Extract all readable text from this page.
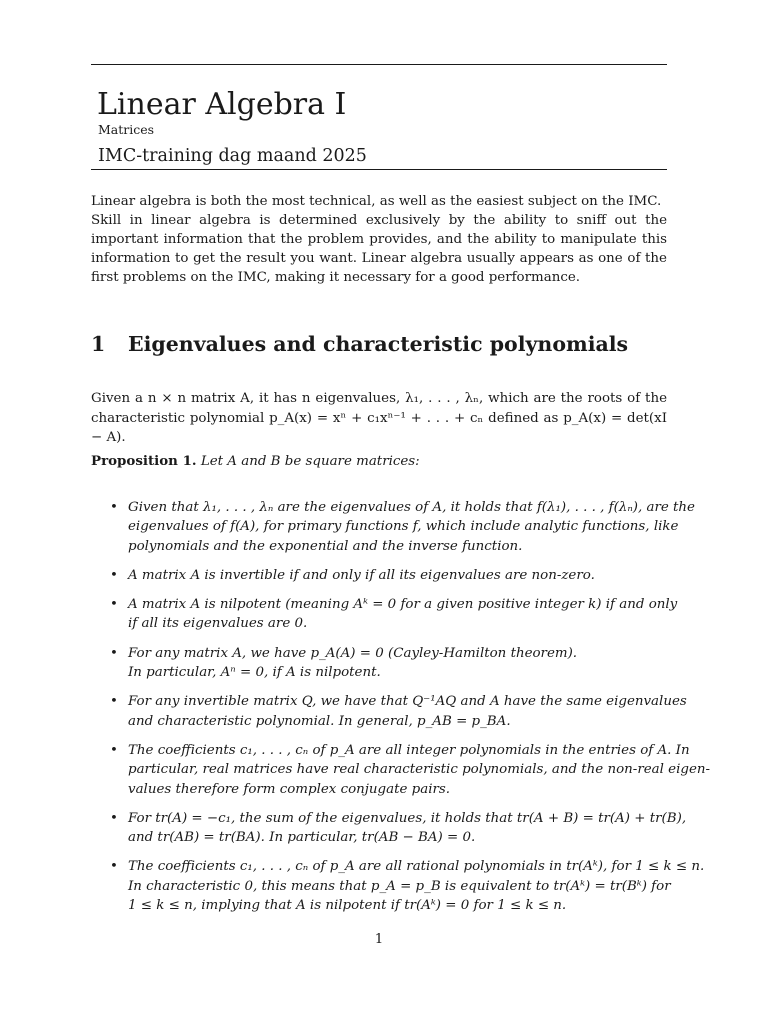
Linear Algebra I
Matrices
IMC-training dag maand 2025

Linear algebra is both the most technical, as well as the easiest subject on the IMC.

Skill in linear algebra is determined exclusively by the ability to sniff out the important information that the problem provides, and the ability to manipulate this information to get the result you want. Linear algebra usually appears as one of the first problems on the IMC, making it necessary for a good performance.

1 Eigenvalues and characteristic polynomials

Given a n × n matrix A, it has n eigenvalues, λ₁, . . . , λₙ, which are the roots of the characteristic polynomial p_A(x) = xⁿ + c₁xⁿ⁻¹ + . . . + cₙ defined as p_A(x) = det(xI − A).

Proposition 1. Let A and B be square matrices:

• Given that λ₁, . . . , λₙ are the eigenvalues of A, it holds that f(λ₁), . . . , f(λₙ), are the
eigenvalues of f(A), for primary functions f, which include analytic functions, like
polynomials and the exponential and the inverse function.
• A matrix A is invertible if and only if all its eigenvalues are non-zero.
• A matrix A is nilpotent (meaning Aᵏ = 0 for a given positive integer k) if and only
if all its eigenvalues are 0.
• For any matrix A, we have p_A(A) = 0 (Cayley-Hamilton theorem).
In particular, Aⁿ = 0, if A is nilpotent.
• For any invertible matrix Q, we have that Q⁻¹AQ and A have the same eigenvalues
and characteristic polynomial. In general, p_AB = p_BA.
• The coefficients c₁, . . . , cₙ of p_A are all integer polynomials in the entries of A. In
particular, real matrices have real characteristic polynomials, and the non-real eigen-
values therefore form complex conjugate pairs.
• For tr(A) = −c₁, the sum of the eigenvalues, it holds that tr(A + B) = tr(A) + tr(B),
and tr(AB) = tr(BA). In particular, tr(AB − BA) = 0.
• The coefficients c₁, . . . , cₙ of p_A are all rational polynomials in tr(Aᵏ), for 1 ≤ k ≤ n.
In characteristic 0, this means that p_A = p_B is equivalent to tr(Aᵏ) = tr(Bᵏ) for
1 ≤ k ≤ n, implying that A is nilpotent if tr(Aᵏ) = 0 for 1 ≤ k ≤ n.
1
